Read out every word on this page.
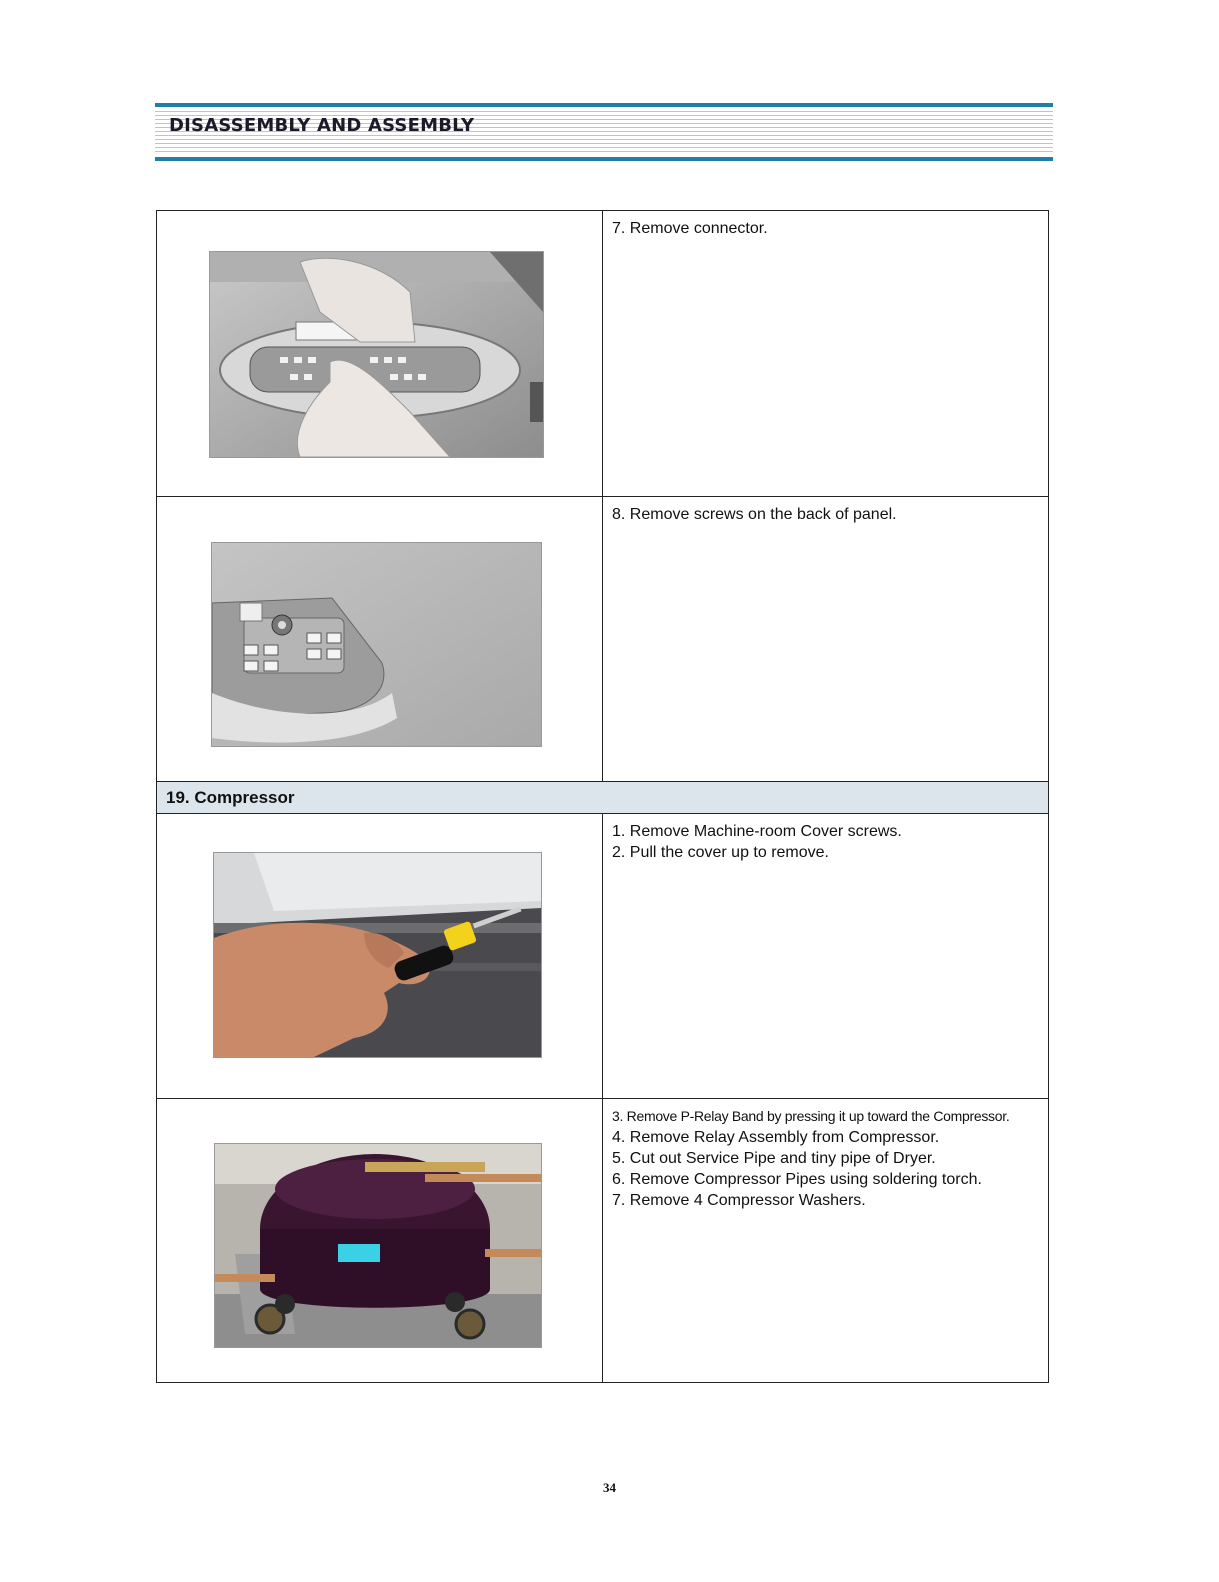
DISASSEMBLY AND ASSEMBLY
7. Remove connector.
8. Remove screws on the back of panel.
19. Compressor
1. Remove Machine-room Cover screws.
2. Pull the cover up to remove.
3. Remove P-Relay Band by pressing it up toward the Compressor.
4. Remove Relay Assembly from Compressor.
5. Cut out Service Pipe and tiny pipe of Dryer.
6. Remove Compressor Pipes using soldering torch.
7. Remove 4 Compressor Washers.
34
